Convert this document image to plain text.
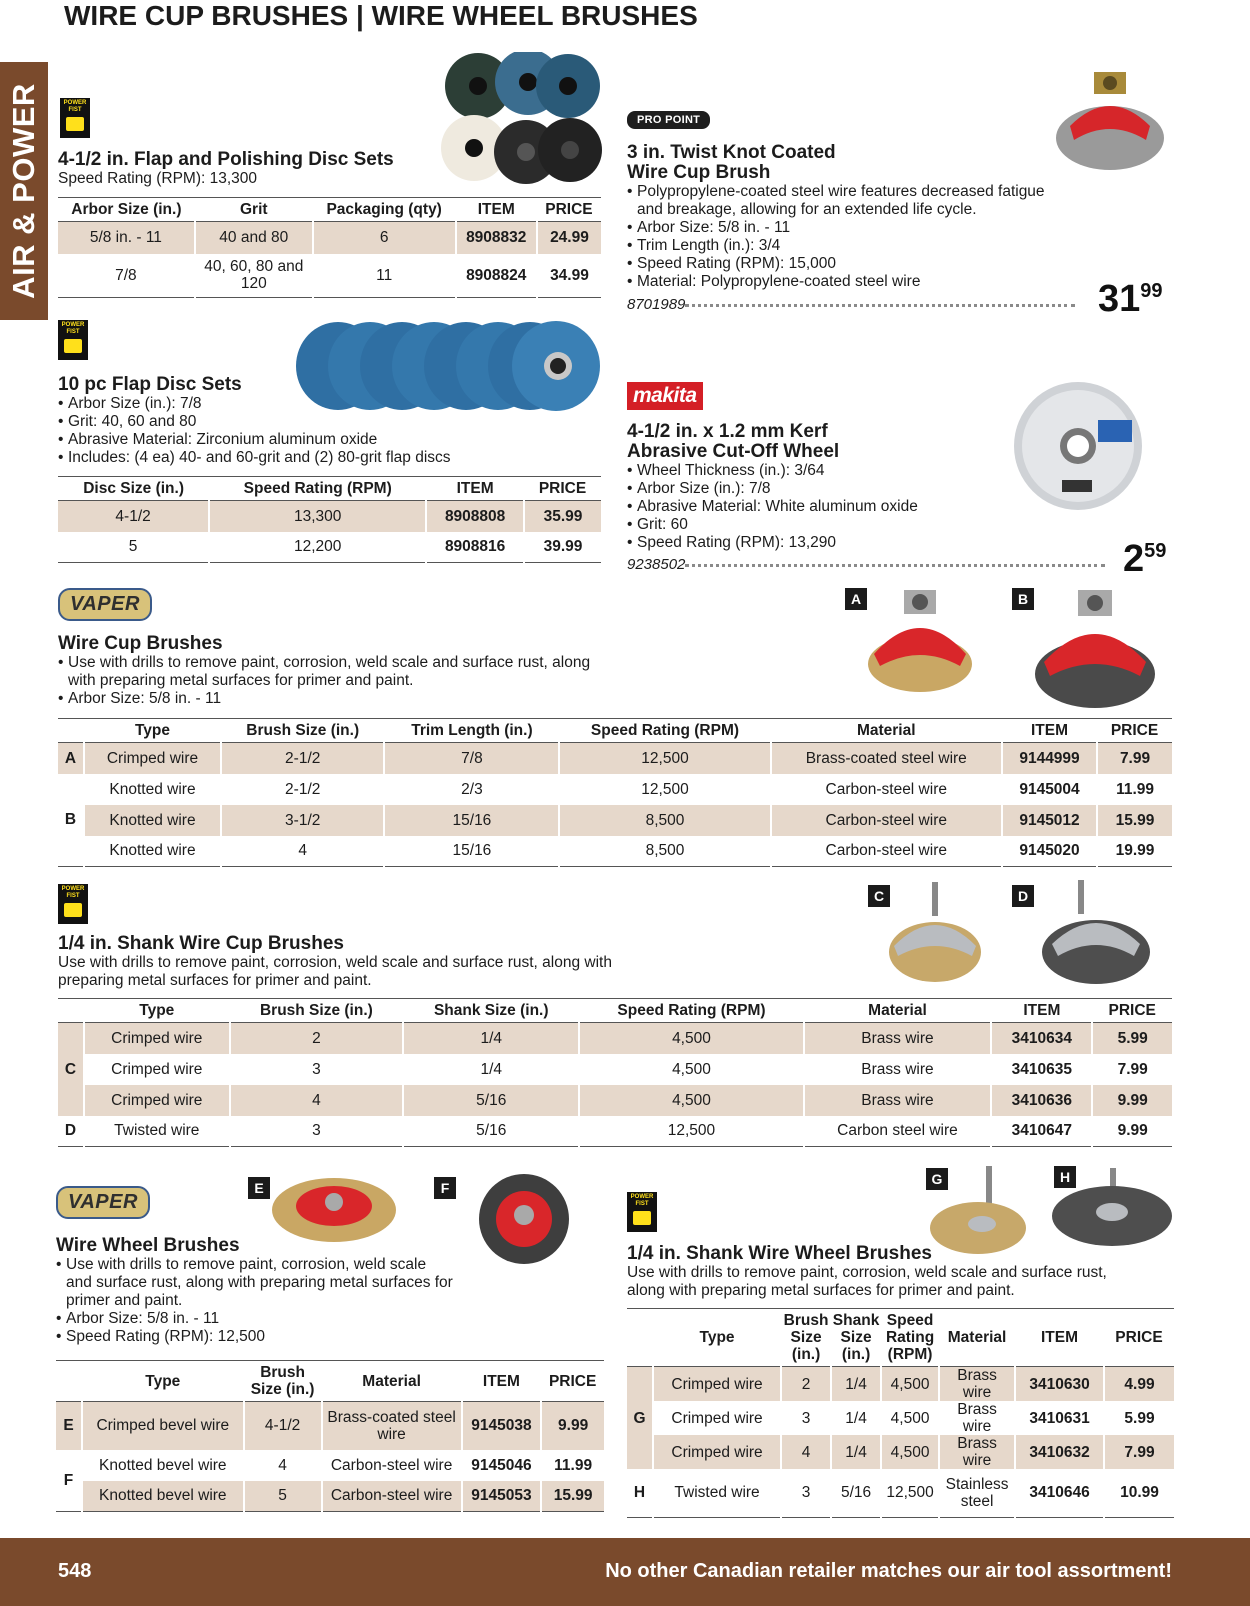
WIRE CUP BRUSHES | WIRE WHEEL BRUSHES
AIR & POWER	POWER FIST
4-1/2 in. Flap and Polishing Disc Sets
Speed Rating (RPM): 13,300
Arbor Size (in.)	Grit	Packaging (qty)	ITEM	PRICE
5/8 in. - 11	40 and 80	6	8908832	24.99
7/8	40, 60, 80 and 120	11	8908824	34.99
POWER FIST
10 pc Flap Disc Sets
• Arbor Size (in.): 7/8
• Grit: 40, 60 and 80
• Abrasive Material: Zirconium aluminum oxide
• Includes: (4 ea) 40- and 60-grit and (2) 80-grit flap discs
Disc Size (in.)	Speed Rating (RPM)	ITEM	PRICE
4-1/2	13,300	8908808	35.99
5	12,200	8908816	39.99
PRO POINT
3 in. Twist Knot Coated
Wire Cup Brush
• Polypropylene-coated steel wire features decreased fatigue and breakage, allowing for an extended life cycle.
• Arbor Size: 5/8 in. - 11
• Trim Length (in.): 3/4
• Speed Rating (RPM): 15,000
• Material: Polypropylene-coated steel wire
8701989	3199
makita
4-1/2 in. x 1.2 mm Kerf
Abrasive Cut-Off Wheel
• Wheel Thickness (in.): 3/64
• Arbor Size (in.): 7/8
• Abrasive Material: White aluminum oxide
• Grit: 60
• Speed Rating (RPM): 13,290
9238502	259
VAPER	A	B
Wire Cup Brushes
• Use with drills to remove paint, corrosion, weld scale and surface rust, along with preparing metal surfaces for primer and paint.
• Arbor Size: 5/8 in. - 11
	Type	Brush Size (in.)	Trim Length (in.)	Speed Rating (RPM)	Material	ITEM	PRICE
A	Crimped wire	2-1/2	7/8	12,500	Brass-coated steel wire	9144999	7.99
B	Knotted wire	2-1/2	2/3	12,500	Carbon-steel wire	9145004	11.99
	Knotted wire	3-1/2	15/16	8,500	Carbon-steel wire	9145012	15.99
	Knotted wire	4	15/16	8,500	Carbon-steel wire	9145020	19.99
POWER FIST	C	D
1/4 in. Shank Wire Cup Brushes
Use with drills to remove paint, corrosion, weld scale and surface rust, along with preparing metal surfaces for primer and paint.
	Type	Brush Size (in.)	Shank Size (in.)	Speed Rating (RPM)	Material	ITEM	PRICE
C	Crimped wire	2	1/4	4,500	Brass wire	3410634	5.99
	Crimped wire	3	1/4	4,500	Brass wire	3410635	7.99
	Crimped wire	4	5/16	4,500	Brass wire	3410636	9.99
D	Twisted wire	3	5/16	12,500	Carbon steel wire	3410647	9.99
VAPER
E	F
Wire Wheel Brushes
• Use with drills to remove paint, corrosion, weld scale and surface rust, along with preparing metal surfaces for primer and paint.
• Arbor Size: 5/8 in. - 11
• Speed Rating (RPM): 12,500
	Type	Brush Size (in.)	Material	ITEM	PRICE
E	Crimped bevel wire	4-1/2	Brass-coated steel wire	9145038	9.99
F	Knotted bevel wire	4	Carbon-steel wire	9145046	11.99
	Knotted bevel wire	5	Carbon-steel wire	9145053	15.99
POWER FIST
G	H
1/4 in. Shank Wire Wheel Brushes
Use with drills to remove paint, corrosion, weld scale and surface rust, along with preparing metal surfaces for primer and paint.
	Type	Brush Size (in.)	Shank Size (in.)	Speed Rating (RPM)	Material	ITEM	PRICE
G	Crimped wire	2	1/4	4,500	Brass wire	3410630	4.99
	Crimped wire	3	1/4	4,500	Brass wire	3410631	5.99
	Crimped wire	4	1/4	4,500	Brass wire	3410632	7.99
H	Twisted wire	3	5/16	12,500	Stainless steel	3410646	10.99
548	No other Canadian retailer matches our air tool assortment!
